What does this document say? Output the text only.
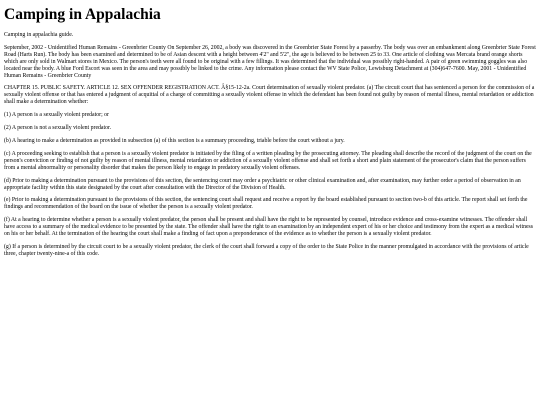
Camping in Appalachia

Camping in appalachia guide.

September, 2002 - Unidentified Human Remains - Greenbrier County On September 26, 2002, a body was discovered in the Greenbrier State Forest by a passerby. The body was over an embankment along Greenbrier State Forest Road (Harts Run). The body has been examined and determined to be of Asian descent with a height between 4'2" and 5'2", the age is believed to be between 25 to 33. One article of clothing was Mercata brand orange shorts which are only sold in Walmart stores in Mexico. The person's teeth were all found to be original with a few fillings. It was determined that the individual was possibly right-handed. A pair of green swimming goggles was also located near the body. A blue Ford Escort was seen in the area and may possibly be linked to the crime. Any information please contact the WV State Police, Lewisburg Detachment at (304)647-7600. May, 2001 - Unidentified Human Remains - Greenbrier County

CHAPTER 15. PUBLIC SAFETY. ARTICLE 12. SEX OFFENDER REGISTRATION ACT. Â§15-12-2a. Court determination of sexually violent predator. (a) The circuit court that has sentenced a person for the commission of a sexually violent offense or that has entered a judgment of acquittal of a charge of committing a sexually violent offense in which the defendant has been found not guilty by reason of mental illness, mental retardation or addiction shall make a determination whether:

(1) A person is a sexually violent predator; or

(2) A person is not a sexually violent predator.

(b) A hearing to make a determination as provided in subsection (a) of this section is a summary proceeding, triable before the court without a jury.

(c) A proceeding seeking to establish that a person is a sexually violent predator is initiated by the filing of a written pleading by the prosecuting attorney. The pleading shall describe the record of the judgment of the court on the person's conviction or finding of not guilty by reason of mental illness, mental retardation or addiction of a sexually violent offense and shall set forth a short and plain statement of the prosecutor's claim that the person suffers from a mental abnormality or personality disorder that makes the person likely to engage in predatory sexually violent offenses.

(d) Prior to making a determination pursuant to the provisions of this section, the sentencing court may order a psychiatric or other clinical examination and, after examination, may further order a period of observation in an appropriate facility within this state designated by the court after consultation with the Director of the Division of Health.

(e) Prior to making a determination pursuant to the provisions of this section, the sentencing court shall request and receive a report by the board established pursuant to section two-b of this article. The report shall set forth the findings and recommendation of the board on the issue of whether the person is a sexually violent predator.

(f) At a hearing to determine whether a person is a sexually violent predator, the person shall be present and shall have the right to be represented by counsel, introduce evidence and cross-examine witnesses. The offender shall have access to a summary of the medical evidence to be presented by the state. The offender shall have the right to an examination by an independent expert of his or her choice and testimony from the expert as a medical witness on his or her behalf. At the termination of the hearing the court shall make a finding of fact upon a preponderance of the evidence as to whether the person is a sexually violent predator.

(g) If a person is determined by the circuit court to be a sexually violent predator, the clerk of the court shall forward a copy of the order to the State Police in the manner promulgated in accordance with the provisions of article three, chapter twenty-nine-a of this code.
